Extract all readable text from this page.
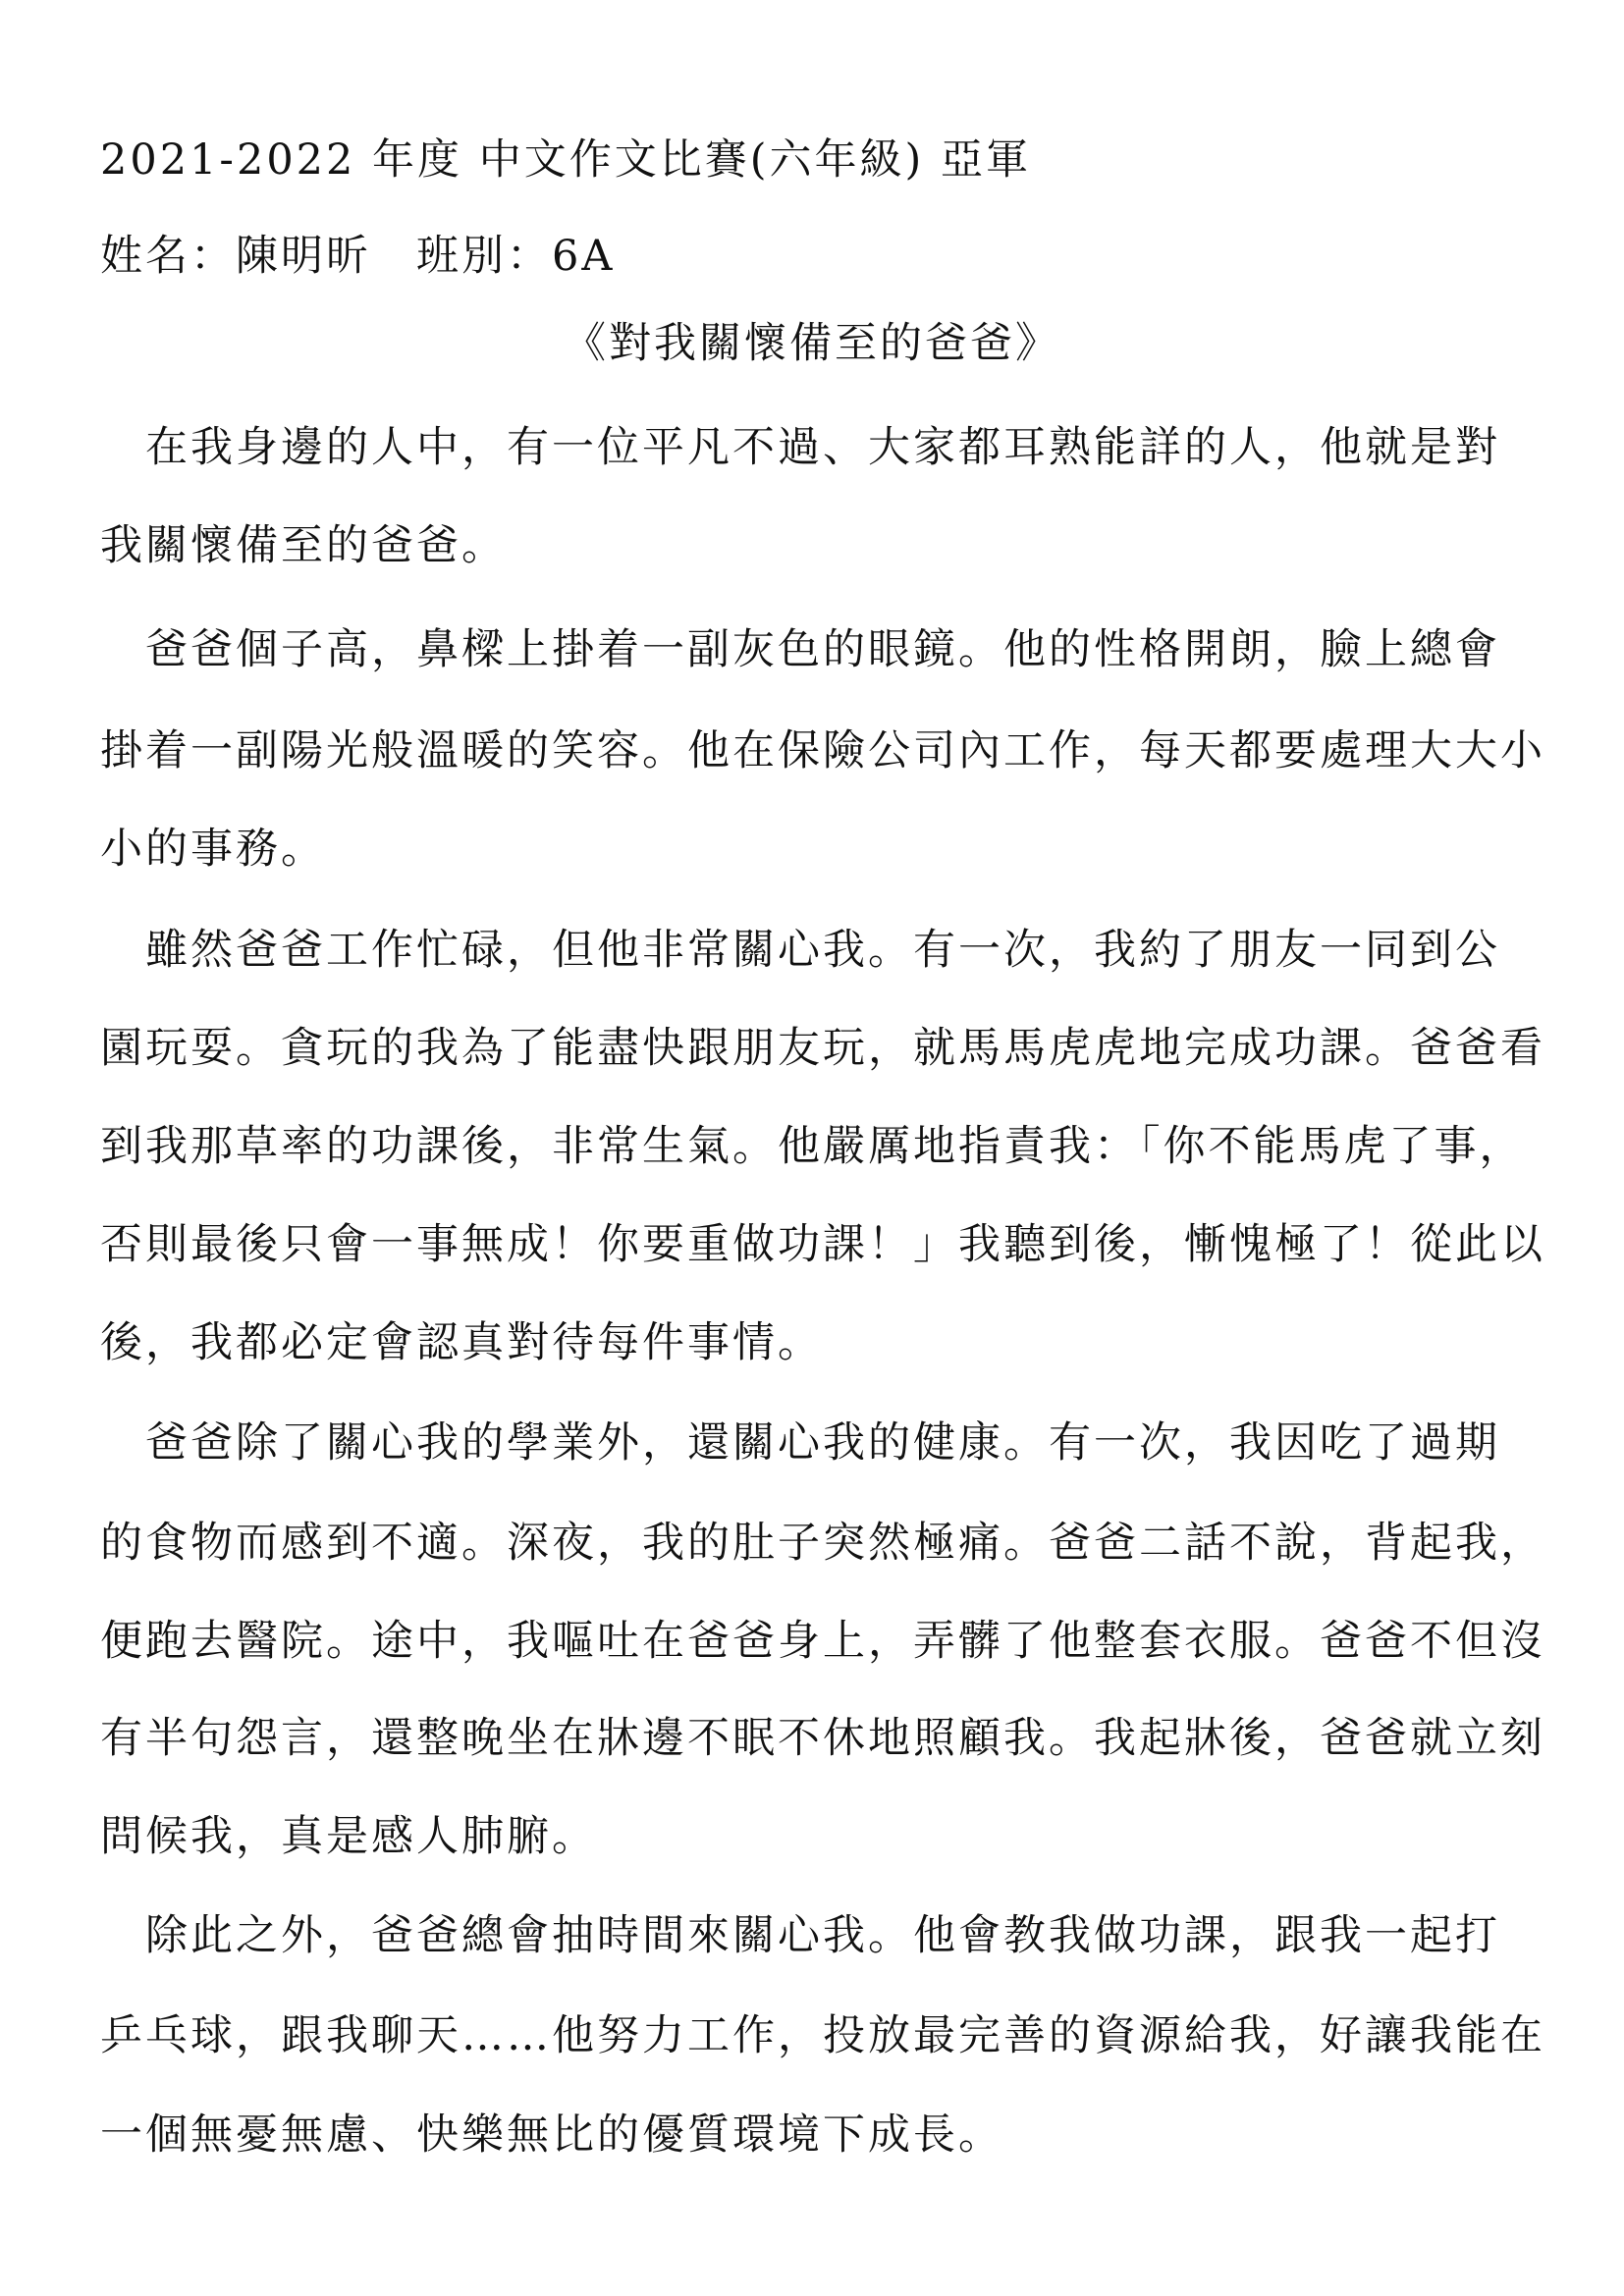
2021-2022 年度 中文作文比賽(六年級) 亞軍
姓名：陳明昕　班別：6A
《對我關懷備至的爸爸》
　在我身邊的人中，有一位平凡不過、大家都耳熟能詳的人，他就是對
我關懷備至的爸爸。
　爸爸個子高，鼻樑上掛着一副灰色的眼鏡。他的性格開朗，臉上總會
掛着一副陽光般溫暖的笑容。他在保險公司內工作，每天都要處理大大小
小的事務。
　雖然爸爸工作忙碌，但他非常關心我。有一次，我約了朋友一同到公
園玩耍。貪玩的我為了能盡快跟朋友玩，就馬馬虎虎地完成功課。爸爸看
到我那草率的功課後，非常生氣。他嚴厲地指責我：「你不能馬虎了事，
否則最後只會一事無成！你要重做功課！」我聽到後，慚愧極了！從此以
後，我都必定會認真對待每件事情。
　爸爸除了關心我的學業外，還關心我的健康。有一次，我因吃了過期
的食物而感到不適。深夜，我的肚子突然極痛。爸爸二話不說，背起我，
便跑去醫院。途中，我嘔吐在爸爸身上，弄髒了他整套衣服。爸爸不但沒
有半句怨言，還整晚坐在牀邊不眠不休地照顧我。我起牀後，爸爸就立刻
問候我，真是感人肺腑。
　除此之外，爸爸總會抽時間來關心我。他會教我做功課，跟我一起打
乒乓球，跟我聊天……他努力工作，投放最完善的資源給我，好讓我能在
一個無憂無慮、快樂無比的優質環境下成長。
